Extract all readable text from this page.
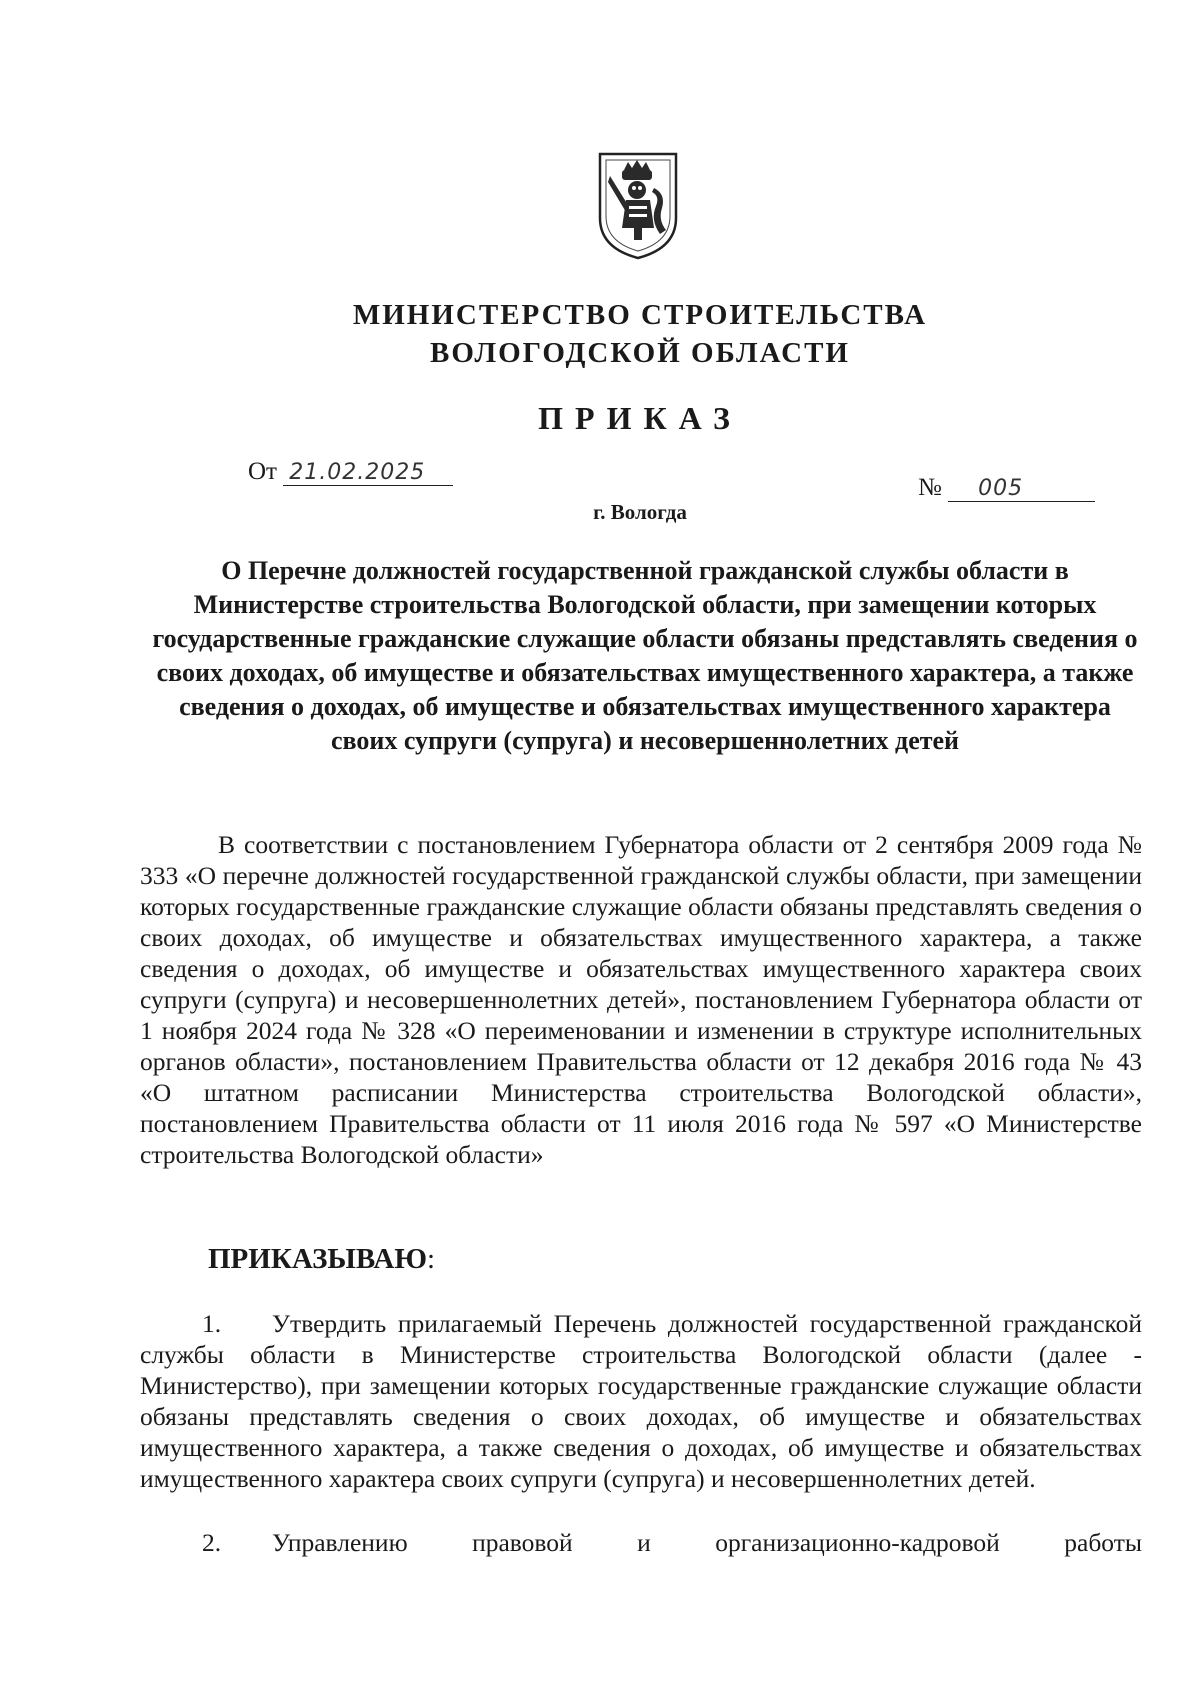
МИНИСТЕРСТВО СТРОИТЕЛЬСТВА
ВОЛОГОДСКОЙ ОБЛАСТИ
ПРИКАЗ
От 21.02.2025
№ 005
г. Вологда
О Перечне должностей государственной гражданской службы области в Министерстве строительства Вологодской области, при замещении которых государственные гражданские служащие области обязаны представлять сведения о своих доходах, об имуществе и обязательствах имущественного характера, а также сведения о доходах, об имуществе и обязательствах имущественного характера своих супруги (супруга) и несовершеннолетних детей

В соответствии с постановлением Губернатора области от 2 сентября 2009 года № 333 «О перечне должностей государственной гражданской службы области, при замещении которых государственные гражданские служащие области обязаны представлять сведения о своих доходах, об имуществе и обязательствах имущественного характера, а также сведения о доходах, об имуществе и обязательствах имущественного характера своих супруги (супруга) и несовершеннолетних детей», постановлением Губернатора области от 1 ноября 2024 года № 328 «О переименовании и изменении в структуре исполнительных органов области», постановлением Правительства области от 12 декабря 2016 года № 43 «О штатном расписании Министерства строительства Вологодской области», постановлением Правительства области от 11 июля 2016 года № 597 «О Министерстве строительства Вологодской области»

ПРИКАЗЫВАЮ:

1. Утвердить прилагаемый Перечень должностей государственной гражданской службы области в Министерстве строительства Вологодской области (далее - Министерство), при замещении которых государственные гражданские служащие области обязаны представлять сведения о своих доходах, об имуществе и обязательствах имущественного характера, а также сведения о доходах, об имуществе и обязательствах имущественного характера своих супруги (супруга) и несовершеннолетних детей.

2. Управлению правовой и организационно-кадровой работы
